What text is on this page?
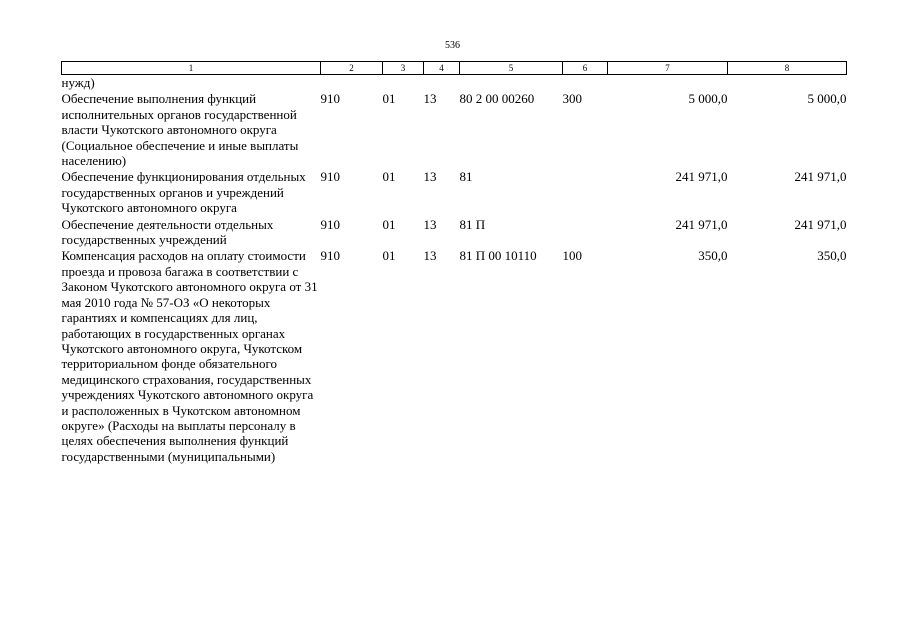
536
1	2	3	4	5	6	7	8
нужд)							
Обеспечение выполнения функций исполнительных органов государственной власти Чукотского автономного округа (Социальное обеспечение и иные выплаты населению)	910	01	13	80 2 00 00260	300	5 000,0	5 000,0
Обеспечение функционирования отдельных государственных органов и учреждений Чукотского автономного округа	910	01	13	81		241 971,0	241 971,0
Обеспечение деятельности отдельных государственных учреждений	910	01	13	81 П		241 971,0	241 971,0
Компенсация расходов на оплату стоимости проезда и провоза багажа в соответствии с Законом Чукотского автономного округа от 31 мая 2010 года № 57-ОЗ «О некоторых гарантиях и компенсациях для лиц, работающих в государственных органах Чукотского автономного округа, Чукотском территориальном фонде обязательного медицинского страхования, государственных учреждениях Чукотского автономного округа и расположенных в Чукотском автономном округе» (Расходы на выплаты персоналу в целях обеспечения выполнения функций государственными (муниципальными)	910	01	13	81 П 00 10110	100	350,0	350,0
